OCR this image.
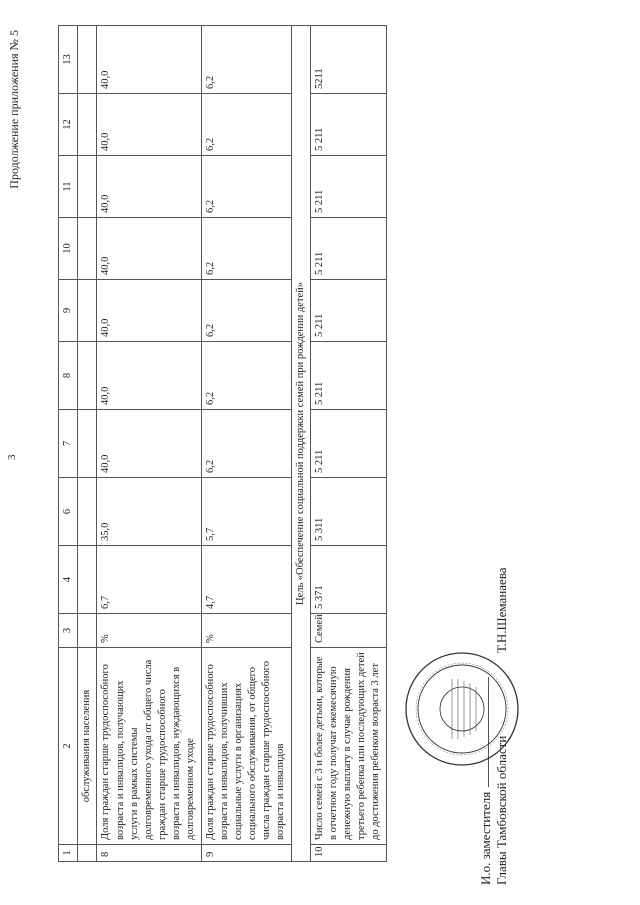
3
Продолжение приложения № 5
1	2	3	4	6	7	8	9	10	11	12	13
	обслуживания населения										
8	Доля граждан старше трудоспособного возраста и инвалидов, получающих услуги в рамках системы долговременного ухода от общего числа граждан старше трудоспособного возраста и инвалидов, нуждающихся в долговременном уходе	%	6,7	35,0	40,0	40,0	40,0	40,0	40,0	40,0	40,0
9	Доля граждан старше трудоспособного возраста и инвалидов, получивших социальные услуги в организациях социального обслуживания, от общего числа граждан старше трудоспособного возраста и инвалидов	%	4,7	5,7	6,2	6,2	6,2	6,2	6,2	6,2	6,2
Цель «Обеспечение социальной поддержки семей при рождении детей»											
10	Число семей с 3 и более детьми, которые в отчетном году получат ежемесячную денежную выплату в случае рождения третьего ребенка или последующих детей до достижения ребенком возраста 3 лет	Семей	5 371	5 311	5 211	5 211	5 211	5 211	5 211	5 211	5211
И.о. заместителя Главы Тамбовской области
Т.Н.Шеманаева
